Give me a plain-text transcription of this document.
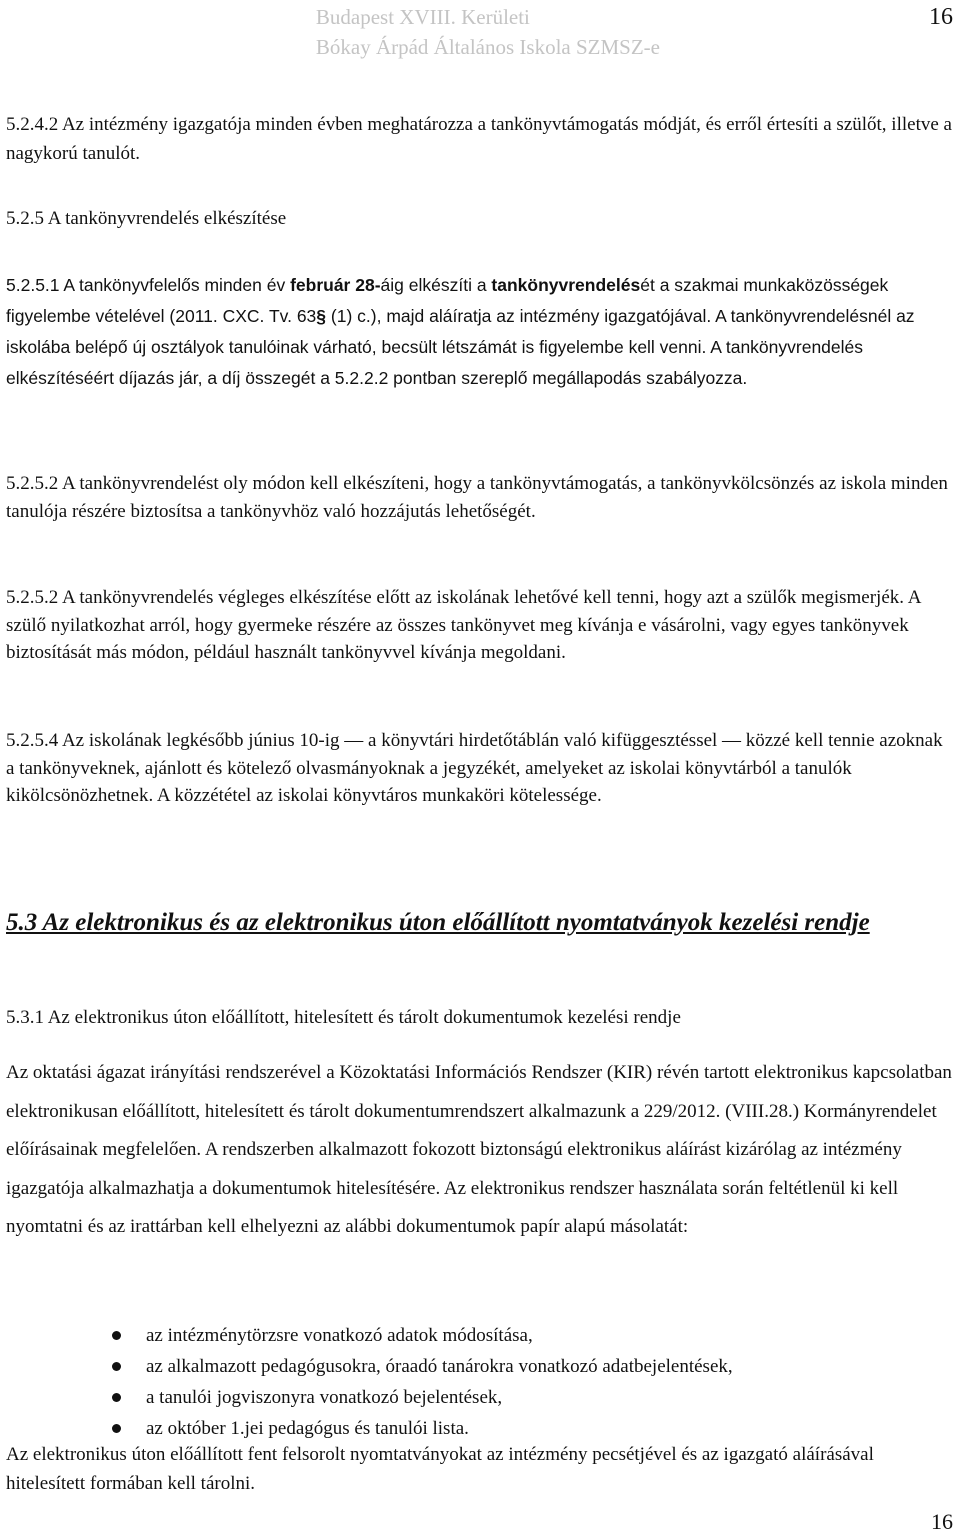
Budapest XVIII. Kerületi
Bókay Árpád Általános Iskola SZMSZ-e
16

5.2.4.2 Az intézmény igazgatója minden évben meghatározza a tankönyvtámogatás módját, és erről értesíti a szülőt, illetve a nagykorú tanulót.

5.2.5 A tankönyvrendelés elkészítése

5.2.5.1 A tankönyvfelelős minden év február 28-áig elkészíti a tankönyvrendelését a szakmai munkaközösségek figyelembe vételével (2011. CXC. Tv. 63§ (1) c.), majd aláíratja az intézmény igazgatójával. A tankönyvrendelésnél az iskolába belépő új osztályok tanulóinak várható, becsült létszámát is figyelembe kell venni. A tankönyvrendelés elkészítéséért díjazás jár, a díj összegét a 5.2.2.2 pontban szereplő megállapodás szabályozza.

5.2.5.2 A tankönyvrendelést oly módon kell elkészíteni, hogy a tankönyvtámogatás, a tankönyvkölcsönzés az iskola minden tanulója részére biztosítsa a tankönyvhöz való hozzájutás lehetőségét.

5.2.5.2 A tankönyvrendelés végleges elkészítése előtt az iskolának lehetővé kell tenni, hogy azt a szülők megismerjék. A szülő nyilatkozhat arról, hogy gyermeke részére az összes tankönyvet meg kívánja e vásárolni, vagy egyes tankönyvek biztosítását más módon, például használt tankönyvvel kívánja megoldani.

5.2.5.4 Az iskolának legkésőbb június 10-ig — a könyvtári hirdetőtáblán való kifüggesztéssel — közzé kell tennie azoknak a tankönyveknek, ajánlott és kötelező olvasmányoknak a jegyzékét, amelyeket az iskolai könyvtárból a tanulók kikölcsönözhetnek. A közzététel az iskolai könyvtáros munkaköri kötelessége.

5.3 Az elektronikus és az elektronikus úton előállított nyomtatványok kezelési rendje

5.3.1 Az elektronikus úton előállított, hitelesített és tárolt dokumentumok kezelési rendje

Az oktatási ágazat irányítási rendszerével a Közoktatási Információs Rendszer (KIR) révén tartott elektronikus kapcsolatban elektronikusan előállított, hitelesített és tárolt dokumentumrendszert alkalmazunk a 229/2012. (VIII.28.) Kormányrendelet előírásainak megfelelően. A rendszerben alkalmazott fokozott biztonságú elektronikus aláírást kizárólag az intézmény igazgatója alkalmazhatja a dokumentumok hitelesítésére. Az elektronikus rendszer használata során feltétlenül ki kell nyomtatni és az irattárban kell elhelyezni az alábbi dokumentumok papír alapú másolatát:

az intézménytörzsre vonatkozó adatok módosítása,
az alkalmazott pedagógusokra, óraadó tanárokra vonatkozó adatbejelentések,
a tanulói jogviszonyra vonatkozó bejelentések,
az október 1.jei pedagógus és tanulói lista.

Az elektronikus úton előállított fent felsorolt nyomtatványokat az intézmény pecsétjével és az igazgató aláírásával hitelesített formában kell tárolni.

16
